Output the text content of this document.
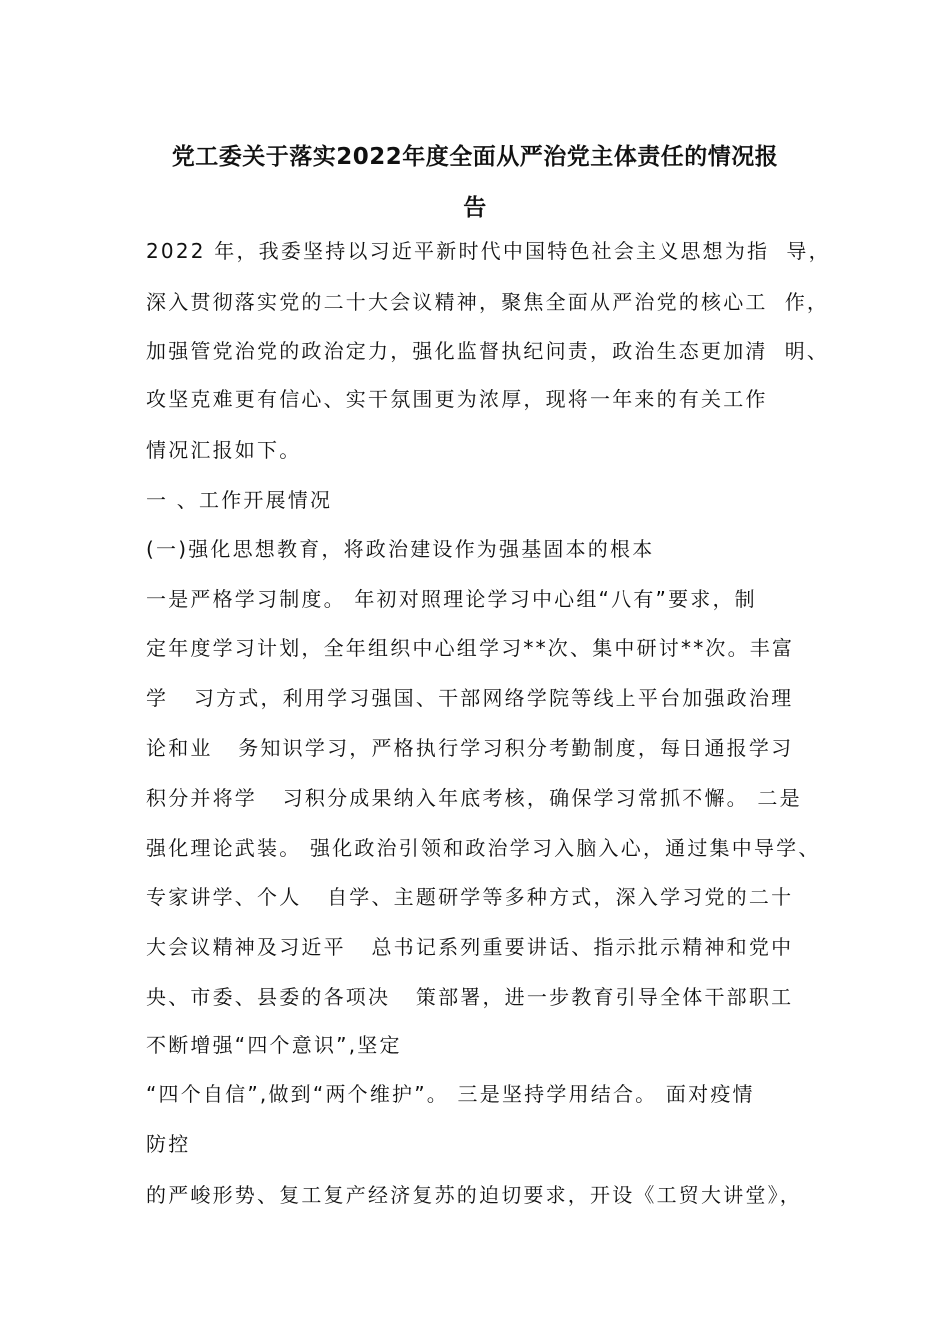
党工委关于落实2022年度全面从严治党主体责任的情况报
告
2022 年，我委坚持以习近平新时代中国特色社会主义思想为指  导，
深入贯彻落实党的二十大会议精神，聚焦全面从严治党的核心工  作，
加强管党治党的政治定力，强化监督执纪问责，政治生态更加清  明、
攻坚克难更有信心、实干氛围更为浓厚，现将一年来的有关工作
情况汇报如下。
一 、工作开展情况
(一)强化思想教育，将政治建设作为强基固本的根本
一是严格学习制度。 年初对照理论学习中心组“八有”要求，制
定年度学习计划，全年组织中心组学习**次、集中研讨**次。丰富
学   习方式，利用学习强国、干部网络学院等线上平台加强政治理
论和业   务知识学习，严格执行学习积分考勤制度，每日通报学习
积分并将学   习积分成果纳入年底考核，确保学习常抓不懈。 二是
强化理论武装。 强化政治引领和政治学习入脑入心，通过集中导学、
专家讲学、个人   自学、主题研学等多种方式，深入学习党的二十
大会议精神及习近平   总书记系列重要讲话、指示批示精神和党中
央、市委、县委的各项决   策部署，进一步教育引导全体干部职工
不断增强“四个意识”,坚定
“四个自信”,做到“两个维护”。 三是坚持学用结合。 面对疫情
防控
的严峻形势、复工复产经济复苏的迫切要求，开设《工贸大讲堂》，
